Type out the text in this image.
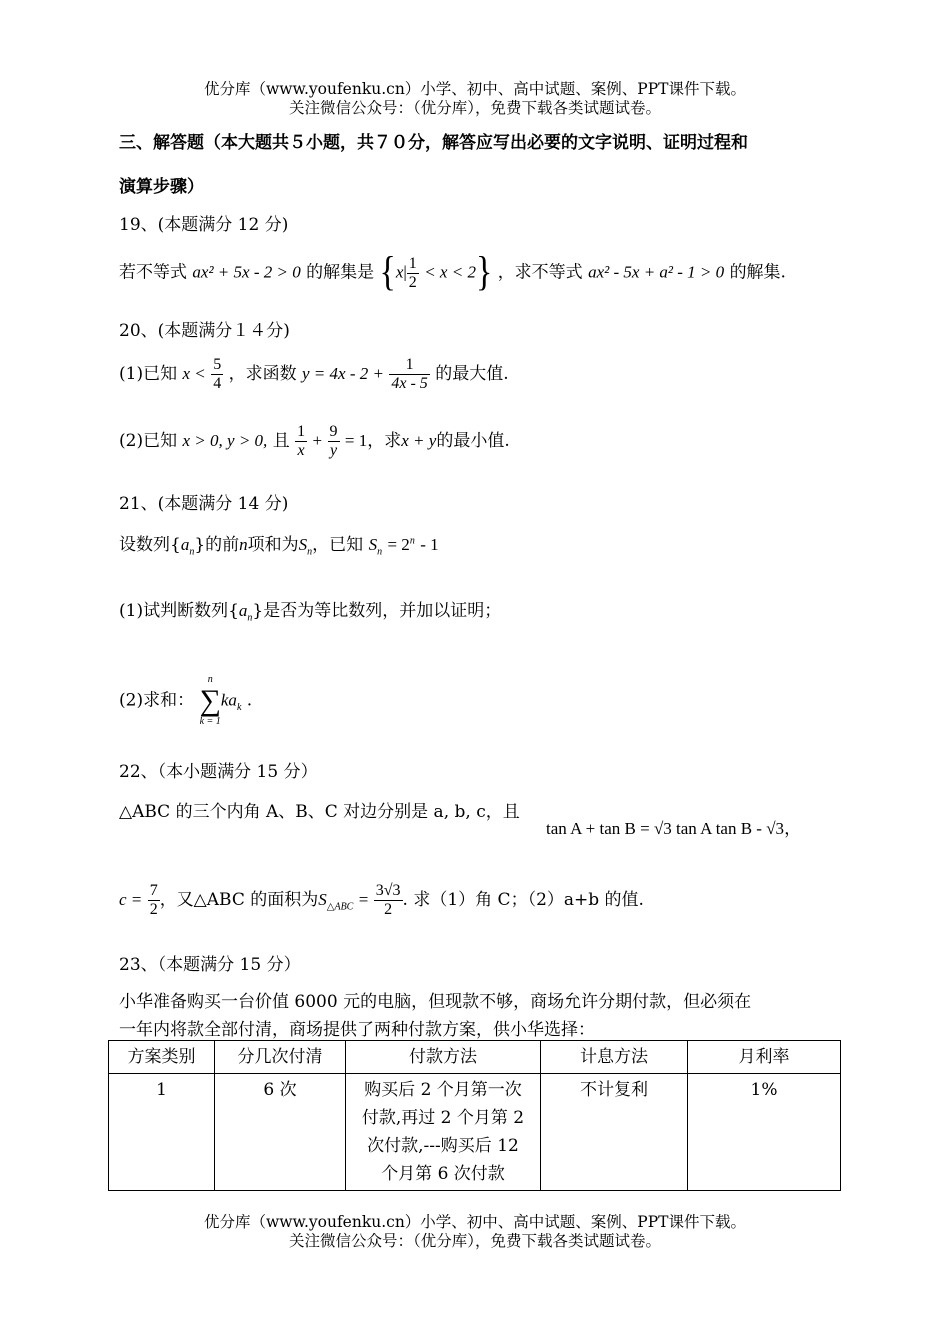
优分库（www.youfenku.cn）小学、初中、高中试题、案例、PPT课件下载。
关注微信公众号：（优分库），免费下载各类试题试卷。
三、解答题（本大题共５小题，共７０分，解答应写出必要的文字说明、证明过程和
演算步骤）
19、(本题满分 12 分)
若不等式 ax² + 5x - 2 > 0 的解集是 $\{x| \frac{1}{2} < x < 2\}$ ，求不等式 ax² - 5x + a² - 1 > 0 的解集.
20、(本题满分１４分)
(1)已知 $x < \frac{5}{4}$ ，求函数 $y = 4x - 2 + \frac{1}{4x - 5}$ 的最大值.
(2)已知 x > 0, y > 0, 且 $\frac{1}{x} + \frac{9}{y} = 1$，求x + y的最小值.
21、(本题满分 14 分)
设数列$\{a_n\}$的前n项和为$S_n$，已知 $S_n = 2^n - 1$
(1)试判断数列$\{a_n\}$是否为等比数列，并加以证明；
(2)求和：
n
∑
k = 1
$ka_k$ .
22、（本小题满分 15 分）
△ABC 的三个内角 A、B、C 对边分别是 a, b, c，且
tan A + tan B = √3 tan A tan B - √3，
$c = \frac{7}{2}$ ，又△ABC 的面积为$S_{\triangle ABC} = \frac{3√3}{2}$ . 求（1）角 C；（2）a+b 的值.
23、（本题满分 15 分）
小华准备购买一台价值 6000 元的电脑，但现款不够，商场允许分期付款，但必须在
一年内将款全部付清，商场提供了两种付款方案，供小华选择：
方案类别	分几次付清	付款方法	计息方法	月利率
1	6 次	购买后 2 个月第一次
付款,再过 2 个月第 2
次付款,---购买后 12
个月第 6 次付款	不计复利	1%
优分库（www.youfenku.cn）小学、初中、高中试题、案例、PPT课件下载。
关注微信公众号：（优分库），免费下载各类试题试卷。
